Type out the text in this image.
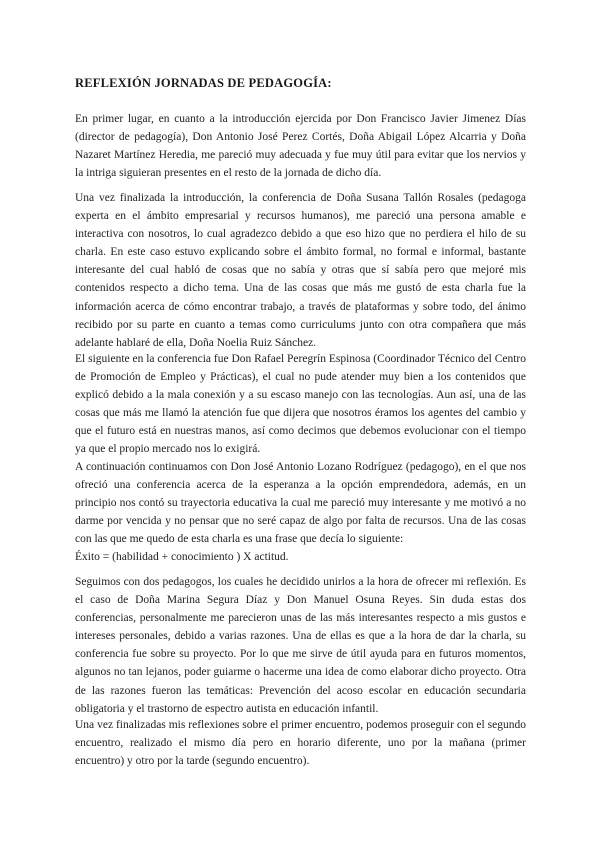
REFLEXIÓN JORNADAS DE PEDAGOGÍA:

En primer lugar, en cuanto a la introducción ejercida por Don Francisco Javier Jimenez Días (director de pedagogía), Don Antonio José Perez Cortés, Doña Abigail López Alcarria y Doña Nazaret Martínez Heredia, me pareció muy adecuada y fue muy útil para evitar que los nervios y la intriga siguieran presentes en el resto de la jornada de dicho día.

Una vez finalizada la introducción, la conferencia de Doña Susana Tallón Rosales (pedagoga experta en el ámbito empresarial y recursos humanos), me pareció una persona amable e interactiva con nosotros, lo cual agradezco debido a que eso hizo que no perdiera el hilo de su charla. En este caso estuvo explicando sobre el ámbito formal, no formal e informal, bastante interesante del cual habló de cosas que no sabía y otras que sí sabía pero que mejoré mis contenidos respecto a dicho tema. Una de las cosas que más me gustó de esta charla fue la información acerca de cómo encontrar trabajo, a través de plataformas y sobre todo, del ánimo recibido por su parte en cuanto a temas como curriculums junto con otra compañera que más adelante hablaré de ella, Doña Noelia Ruiz Sánchez.

El siguiente en la conferencia fue Don Rafael Peregrín Espinosa (Coordinador Técnico del Centro de Promoción de Empleo y Prácticas), el cual no pude atender muy bien a los contenidos que explicó debido a la mala conexión y a su escaso manejo con las tecnologías. Aun así, una de las cosas que más me llamó la atención fue que dijera que nosotros éramos los agentes del cambio y que el futuro está en nuestras manos, así como decimos que debemos evolucionar con el tiempo ya que el propio mercado nos lo exigirá.

A continuación continuamos con Don José Antonio Lozano Rodríguez (pedagogo), en el que nos ofreció una conferencia acerca de la esperanza a la opción emprendedora, además, en un principio nos contó su trayectoria educativa la cual me pareció muy interesante y me motivó a no darme por vencida y no pensar que no seré capaz de algo por falta de recursos. Una de las cosas con las que me quedo de esta charla es una frase que decía lo siguiente:
Éxito = (habilidad + conocimiento ) X actitud.

Seguimos con dos pedagogos, los cuales he decidido unirlos a la hora de ofrecer mi reflexión. Es el caso de Doña Marina Segura Díaz y Don Manuel Osuna Reyes. Sin duda estas dos conferencias, personalmente me parecieron unas de las más interesantes respecto a mis gustos e intereses personales, debido a varias razones. Una de ellas es que a la hora de dar la charla, su conferencia fue sobre su proyecto. Por lo que me sirve de útil ayuda para en futuros momentos, algunos no tan lejanos, poder guiarme o hacerme una idea de como elaborar dicho proyecto. Otra de las razones fueron las temáticas: Prevención del acoso escolar en educación secundaria obligatoria y el trastorno de espectro autista en educación infantil.

Una vez finalizadas mis reflexiones sobre el primer encuentro, podemos proseguir con el segundo encuentro, realizado el mismo día pero en horario diferente, uno por la mañana (primer encuentro) y otro por la tarde (segundo encuentro).
